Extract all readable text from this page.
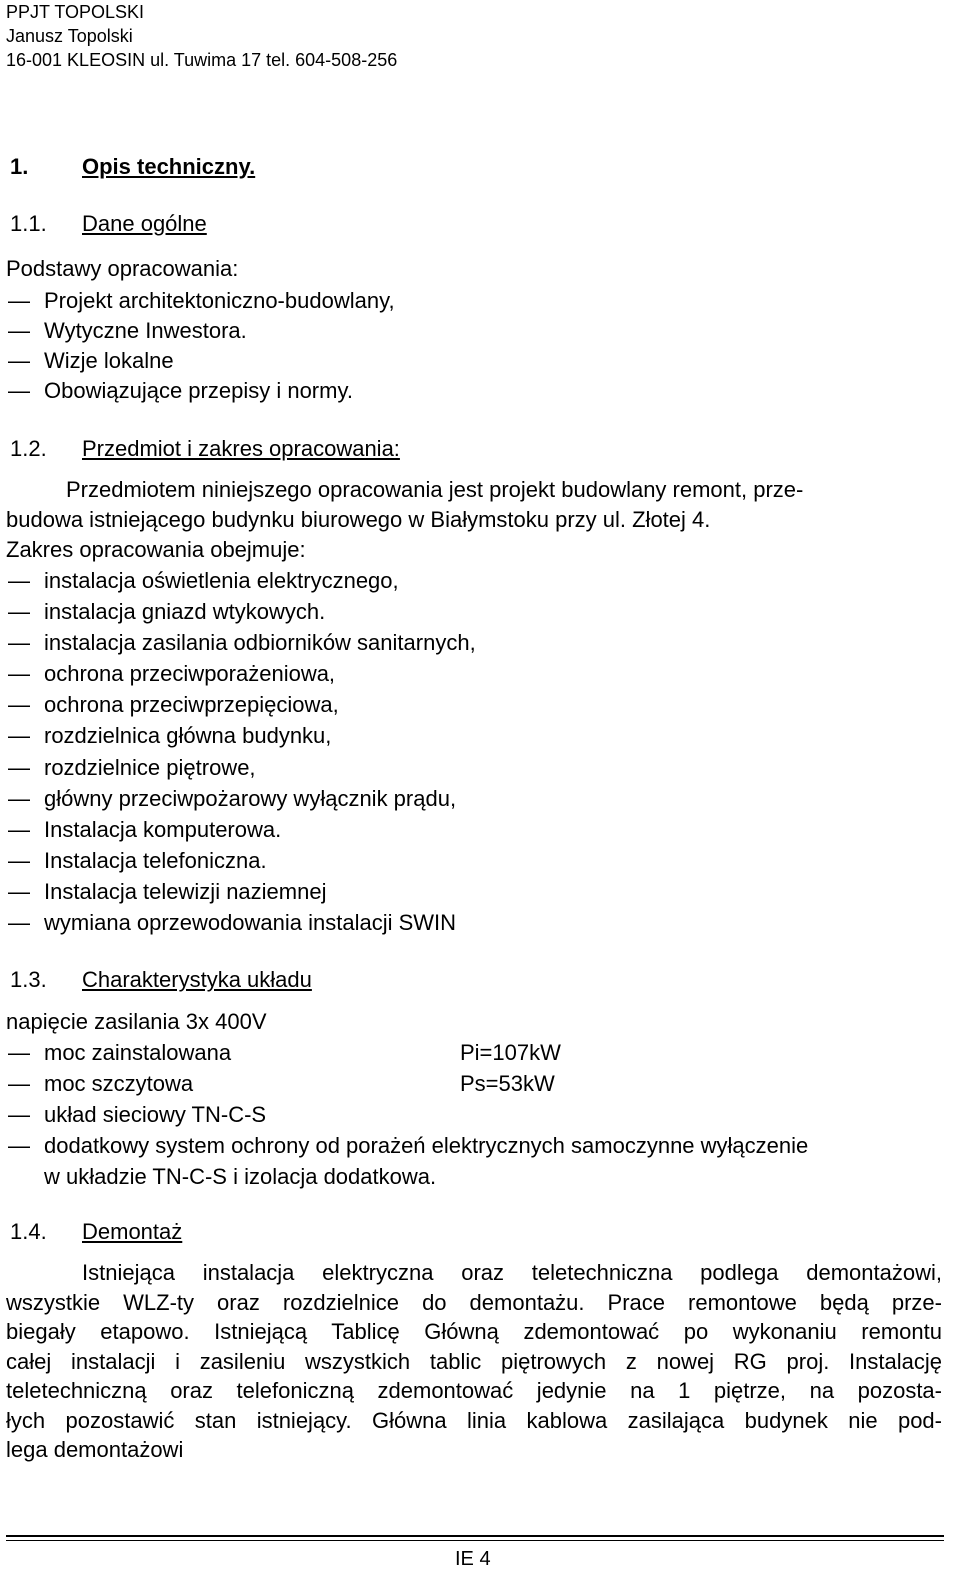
PPJT TOPOLSKI
Janusz Topolski
16-001 KLEOSIN ul. Tuwima 17 tel. 604-508-256
1. Opis techniczny.
1.1. Dane ogólne
Podstawy opracowania:
— Projekt architektoniczno-budowlany,
— Wytyczne Inwestora.
— Wizje lokalne
— Obowiązujące przepisy i normy.
1.2. Przedmiot i zakres opracowania:
Przedmiotem niniejszego opracowania jest projekt budowlany remont, prze-
budowa istniejącego budynku biurowego w Białymstoku przy ul. Złotej 4.
Zakres opracowania obejmuje:
— instalacja oświetlenia elektrycznego,
— instalacja gniazd wtykowych.
— instalacja zasilania odbiorników sanitarnych,
— ochrona przeciwporażeniowa,
— ochrona przeciwprzepięciowa,
— rozdzielnica główna budynku,
— rozdzielnice piętrowe,
— główny przeciwpożarowy wyłącznik prądu,
— Instalacja komputerowa.
— Instalacja telefoniczna.
— Instalacja telewizji naziemnej
— wymiana oprzewodowania instalacji SWIN
1.3. Charakterystyka układu
napięcie zasilania 3x 400V
— moc zainstalowana	Pi=107kW
— moc szczytowa	Ps=53kW
— układ sieciowy TN-C-S
— dodatkowy system ochrony od porażeń elektrycznych samoczynne wyłączenie
w układzie TN-C-S i izolacja dodatkowa.
1.4. Demontaż
Istniejąca instalacja elektryczna oraz teletechniczna podlega demontażowi,
wszystkie WLZ-ty oraz rozdzielnice do demontażu. Prace remontowe będą prze-
biegały etapowo. Istniejącą Tablicę Główną zdemontować po wykonaniu remontu
całej instalacji i zasileniu wszystkich tablic piętrowych z nowej RG proj. Instalację
teletechniczną oraz telefoniczną zdemontować jedynie na 1 piętrze, na pozosta-
łych pozostawić stan istniejący. Główna linia kablowa zasilająca budynek nie pod-
lega demontażowi
IE 4
